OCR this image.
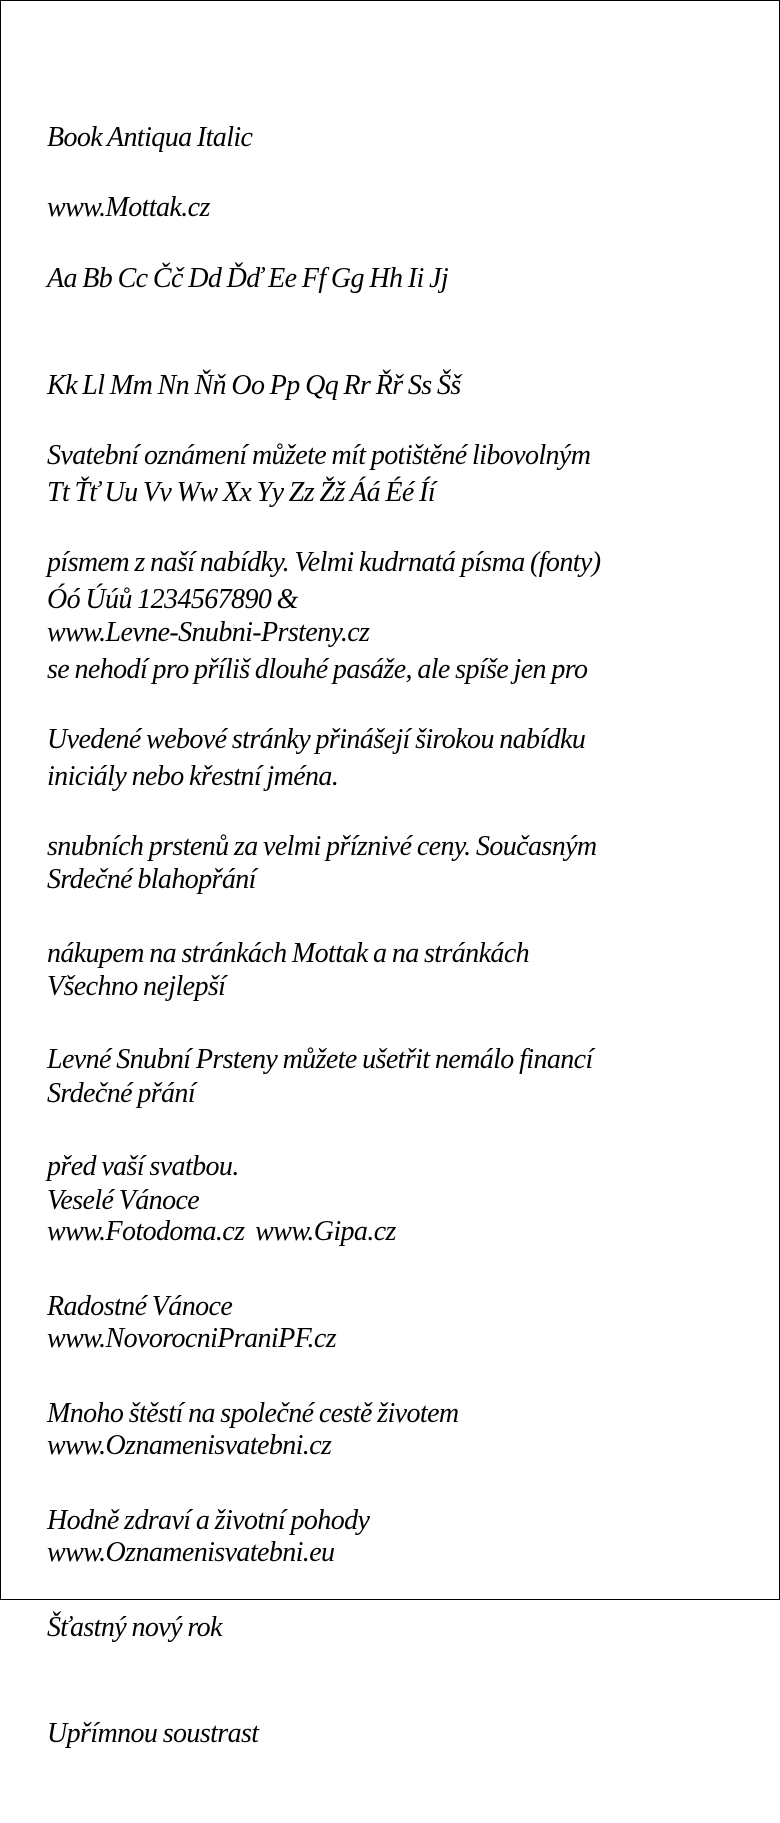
Book Antiqua Italic

www.Mottak.cz

Aa Bb Cc Čč Dd Ďď Ee Ff Gg Hh Ii Jj

Kk Ll Mm Nn Ňň Oo Pp Qq Rr Řř Ss Šš

Tt Ťť Uu Vv Ww Xx Yy Zz Žž Áá Éé Íí

Óó Úúů 1234567890 &

Svatební oznámení můžete mít potištěné libovolným

písmem z naší nabídky. Velmi kudrnatá písma (fonty)

se nehodí pro příliš dlouhé pasáže, ale spíše jen pro

iniciály nebo křestní jména.

www.Levne-Snubni-Prsteny.cz

Uvedené webové stránky přinášejí širokou nabídku

snubních prstenů za velmi příznivé ceny. Současným

nákupem na stránkách Mottak a na stránkách

Levné Snubní Prsteny můžete ušetřit nemálo financí

před vaší svatbou.

Srdečné blahopřání

Všechno nejlepší

Srdečné přání

Veselé Vánoce

Radostné Vánoce

Mnoho štěstí na společné cestě životem

Hodně zdraví a životní pohody

Šťastný nový rok

Upřímnou soustrast

www.Fotodoma.cz  www.Gipa.cz

www.NovorocniPraniPF.cz

www.Oznamenisvatebni.cz

www.Oznamenisvatebni.eu
